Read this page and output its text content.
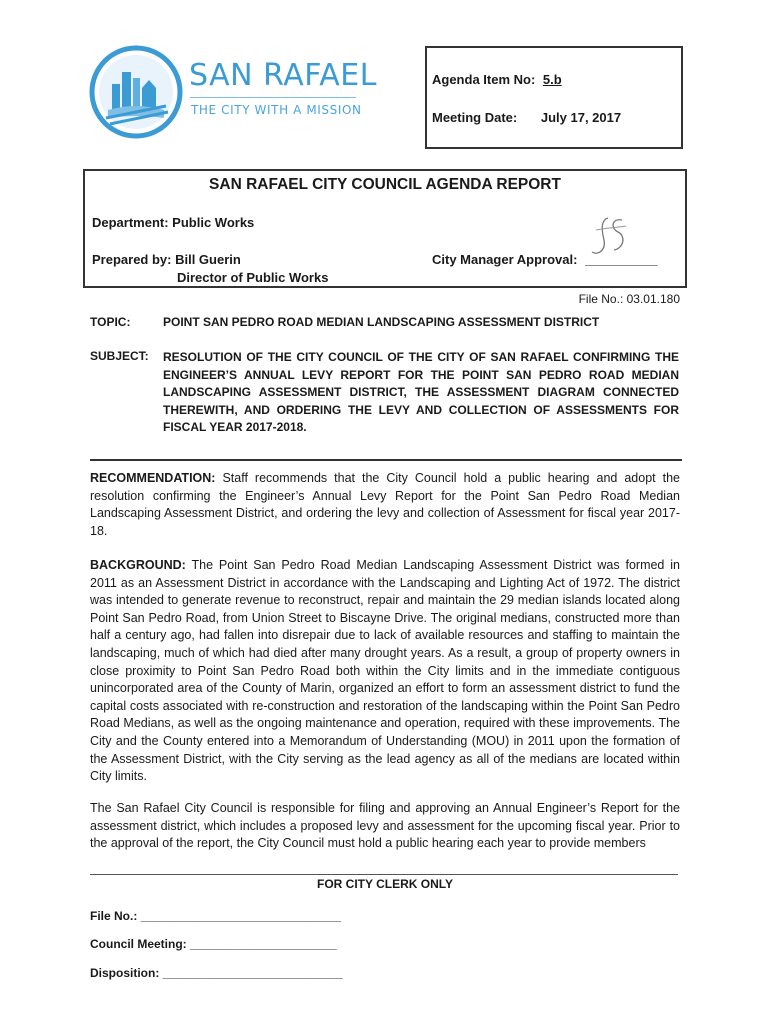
SAN RAFAEL
THE CITY WITH A MISSION
Agenda Item No: 5.b
Meeting Date: July 17, 2017
SAN RAFAEL CITY COUNCIL AGENDA REPORT
Department: Public Works
Prepared by: Bill Guerin
Director of Public Works
City Manager Approval: __________
File No.: 03.01.180
TOPIC:	POINT SAN PEDRO ROAD MEDIAN LANDSCAPING ASSESSMENT DISTRICT
SUBJECT: RESOLUTION OF THE CITY COUNCIL OF THE CITY OF SAN RAFAEL CONFIRMING THE ENGINEER’S ANNUAL LEVY REPORT FOR THE POINT SAN PEDRO ROAD MEDIAN LANDSCAPING ASSESSMENT DISTRICT, THE ASSESSMENT DIAGRAM CONNECTED THEREWITH, AND ORDERING THE LEVY AND COLLECTION OF ASSESSMENTS FOR FISCAL YEAR 2017-2018.
RECOMMENDATION: Staff recommends that the City Council hold a public hearing and adopt the resolution confirming the Engineer’s Annual Levy Report for the Point San Pedro Road Median Landscaping Assessment District, and ordering the levy and collection of Assessment for fiscal year 2017-18.
BACKGROUND: The Point San Pedro Road Median Landscaping Assessment District was formed in 2011 as an Assessment District in accordance with the Landscaping and Lighting Act of 1972. The district was intended to generate revenue to reconstruct, repair and maintain the 29 median islands located along Point San Pedro Road, from Union Street to Biscayne Drive. The original medians, constructed more than half a century ago, had fallen into disrepair due to lack of available resources and staffing to maintain the landscaping, much of which had died after many drought years. As a result, a group of property owners in close proximity to Point San Pedro Road both within the City limits and in the immediate contiguous unincorporated area of the County of Marin, organized an effort to form an assessment district to fund the capital costs associated with re-construction and restoration of the landscaping within the Point San Pedro Road Medians, as well as the ongoing maintenance and operation, required with these improvements. The City and the County entered into a Memorandum of Understanding (MOU) in 2011 upon the formation of the Assessment District, with the City serving as the lead agency as all of the medians are located within City limits.
The San Rafael City Council is responsible for filing and approving an Annual Engineer’s Report for the assessment district, which includes a proposed levy and assessment for the upcoming fiscal year. Prior to the approval of the report, the City Council must hold a public hearing each year to provide members
FOR CITY CLERK ONLY
File No.: ______________________________
Council Meeting: ______________________
Disposition: ___________________________
